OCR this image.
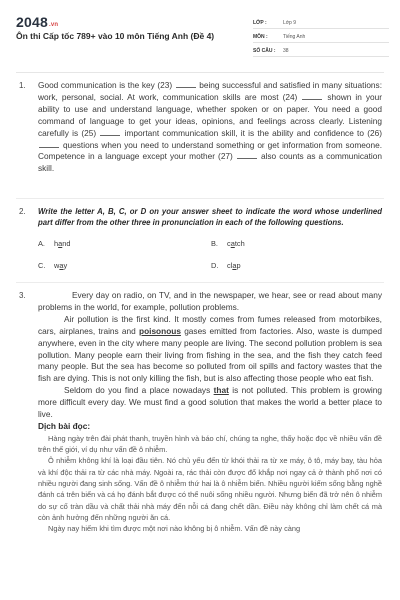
2048.vn
Ôn thi Cấp tốc 789+ vào 10 môn Tiếng Anh (Đề 4)
LỚP :	Lớp 9
MÔN :	Tiếng Anh
SỐ CÂU :	38
1. Good communication is the key (23)	being successful and satisfied in many situations: work, personal, social. At work, communication skills are most (24)	shown in your ability to use and understand language, whether spoken or on paper. You need a good command of language to get your ideas, opinions, and feelings across clearly. Listening carefully is (25)	important communication skill, it is the ability and confidence to (26)  questions when you need to understand something or get information from someone. Competence in a language except your mother (27)	also counts as a communication skill.
2. Write the letter A, B, C, or D on your answer sheet to indicate the word whose underlined part differ from the other three in pronunciation in each of the following questions.
A. hand	B. catch
C. way	D. clap
3.	Every day on radio, on TV, and in the newspaper, we hear, see or read about many problems in the world, for example, pollution problems.

Air pollution is the first kind. It mostly comes from fumes released from motorbikes, cars, airplanes, trains and poisonous gases emitted from factories. Also, waste is dumped anywhere, even in the city where many people are living. The second pollution problem is sea pollution. Many people earn their living from fishing in the sea, and the fish they catch feed many people. But the sea has become so polluted from oil spills and factory wastes that the fish are dying. This is not only killing the fish, but is also affecting those people who eat fish.

Seldom do you find a place nowadays that is not polluted. This problem is growing more difficult every day. We must find a good solution that makes the world a better place to live.

Dịch bài đọc:

Hàng ngày trên đài phát thanh, truyền hình và báo chí, chúng ta nghe, thấy hoặc đọc về nhiều vấn đề trên thế giới, ví dụ như vấn đề ô nhiễm.

Ô nhiễm không khí là loại đầu tiên. Nó chủ yếu đến từ khói thải ra từ xe máy, ô tô, máy bay, tàu hỏa và khí độc thải ra từ các nhà máy. Ngoài ra, rác thải còn được đổ khắp nơi ngay cả ở thành phố nơi có nhiều người đang sinh sống. Vấn đề ô nhiễm thứ hai là ô nhiễm biển. Nhiều người kiếm sống bằng nghề đánh cá trên biển và cá họ đánh bắt được có thể nuôi sống nhiều người. Nhưng biển đã trở nên ô nhiễm do sự cố tràn dầu và chất thải nhà máy đến nỗi cá đang chết dần. Điều này không chỉ làm chết cá mà còn ảnh hưởng đến những người ăn cá.

Ngày nay hiếm khi tìm được một nơi nào không bị ô nhiễm. Vấn đề này càng
